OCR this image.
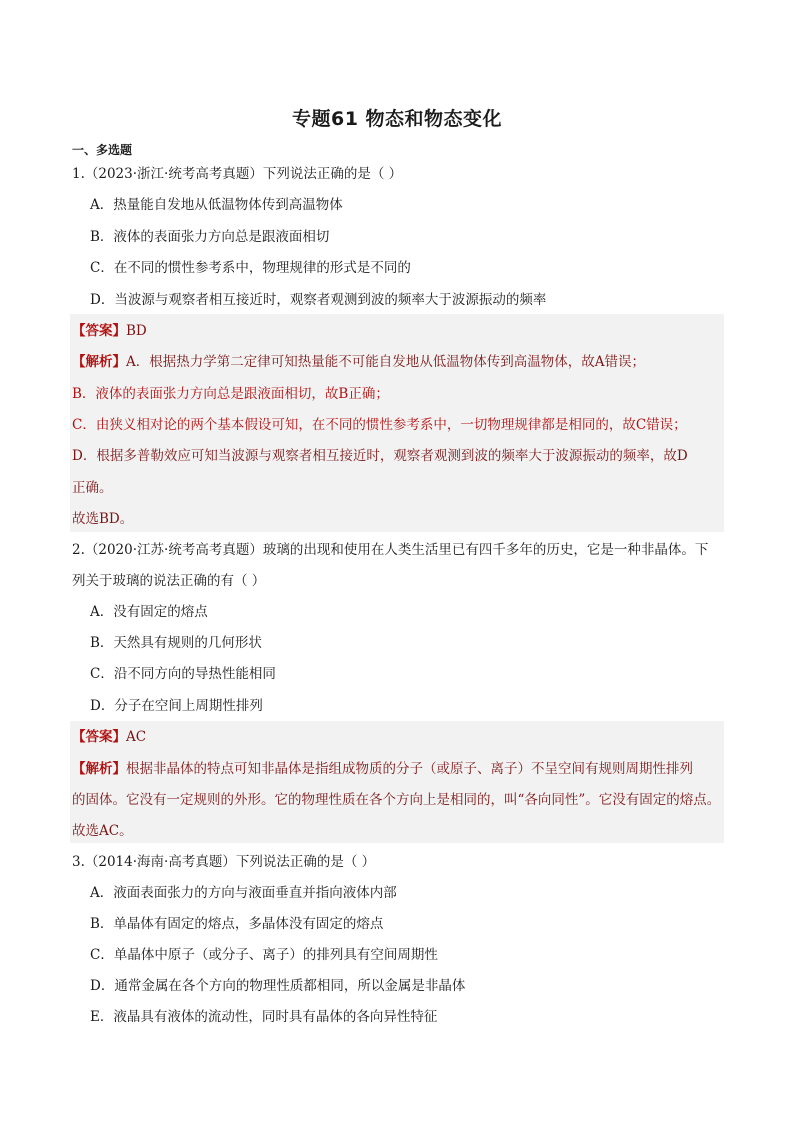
专题61 物态和物态变化
一、多选题
1.（2023·浙江·统考高考真题）下列说法正确的是（ ）
A．热量能自发地从低温物体传到高温物体
B．液体的表面张力方向总是跟液面相切
C．在不同的惯性参考系中，物理规律的形式是不同的
D．当波源与观察者相互接近时，观察者观测到波的频率大于波源振动的频率
【答案】BD
【解析】A．根据热力学第二定律可知热量能不可能自发地从低温物体传到高温物体，故A错误；
B．液体的表面张力方向总是跟液面相切，故B正确；
C．由狭义相对论的两个基本假设可知，在不同的惯性参考系中，一切物理规律都是相同的，故C错误；
D．根据多普勒效应可知当波源与观察者相互接近时，观察者观测到波的频率大于波源振动的频率，故D
正确。
故选BD。
2.（2020·江苏·统考高考真题）玻璃的出现和使用在人类生活里已有四千多年的历史，它是一种非晶体。下
列关于玻璃的说法正确的有（ ）
A．没有固定的熔点
B．天然具有规则的几何形状
C．沿不同方向的导热性能相同
D．分子在空间上周期性排列
【答案】AC
【解析】根据非晶体的特点可知非晶体是指组成物质的分子（或原子、离子）不呈空间有规则周期性排列
的固体。它没有一定规则的外形。它的物理性质在各个方向上是相同的，叫“各向同性”。它没有固定的熔点。
故选AC。
3.（2014·海南·高考真题）下列说法正确的是（ ）
A．液面表面张力的方向与液面垂直并指向液体内部
B．单晶体有固定的熔点，多晶体没有固定的熔点
C．单晶体中原子（或分子、离子）的排列具有空间周期性
D．通常金属在各个方向的物理性质都相同，所以金属是非晶体
E．液晶具有液体的流动性，同时具有晶体的各向异性特征
